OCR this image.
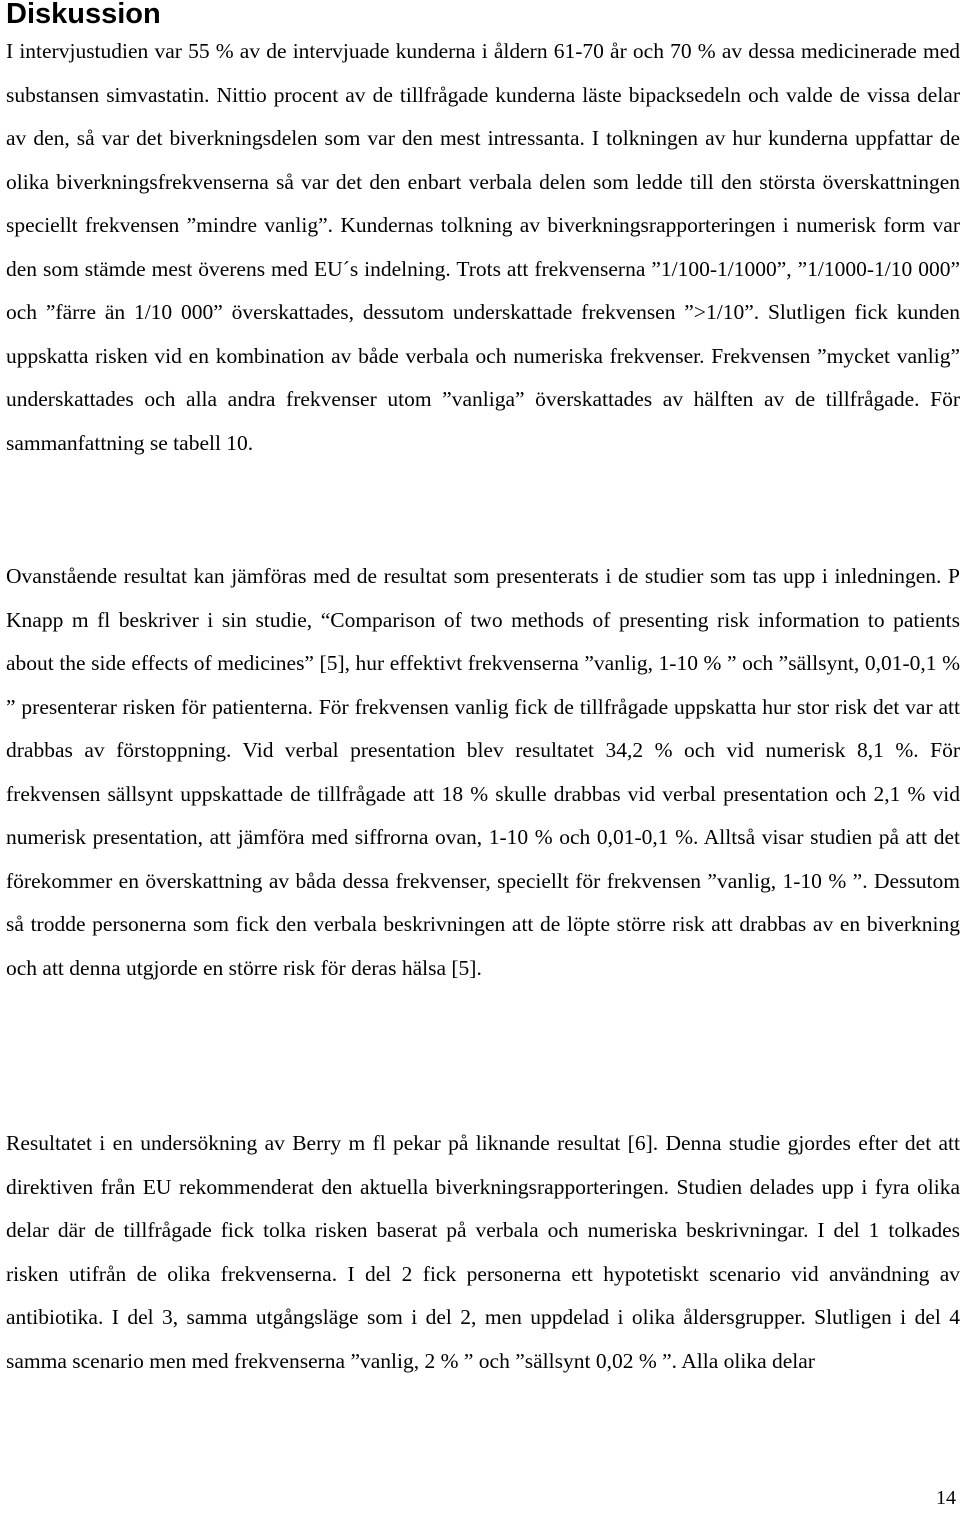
Diskussion

I intervjustudien var 55 % av de intervjuade kunderna i åldern 61-70 år och 70 % av dessa medicinerade med substansen simvastatin. Nittio procent av de tillfrågade kunderna läste bipacksedeln och valde de vissa delar av den, så var det biverkningsdelen som var den mest intressanta. I tolkningen av hur kunderna uppfattar de olika biverkningsfrekvenserna så var det den enbart verbala delen som ledde till den största överskattningen speciellt frekvensen ”mindre vanlig”. Kundernas tolkning av biverkningsrapporteringen i numerisk form var den som stämde mest överens med EU´s indelning. Trots att frekvenserna ”1/100-1/1000”, ”1/1000-1/10 000” och ”färre än 1/10 000” överskattades, dessutom underskattade frekvensen ”>1/10”. Slutligen fick kunden uppskatta risken vid en kombination av både verbala och numeriska frekvenser. Frekvensen ”mycket vanlig” underskattades och alla andra frekvenser utom ”vanliga” överskattades av hälften av de tillfrågade. För sammanfattning se tabell 10.

Ovanstående resultat kan jämföras med de resultat som presenterats i de studier som tas upp i inledningen. P Knapp m fl beskriver i sin studie, “Comparison of two methods of presenting risk information to patients about the side effects of medicines” [5], hur effektivt frekvenserna ”vanlig, 1-10 % ” och ”sällsynt, 0,01-0,1 % ” presenterar risken för patienterna. För frekvensen vanlig fick de tillfrågade uppskatta hur stor risk det var att drabbas av förstoppning. Vid verbal presentation blev resultatet 34,2 % och vid numerisk 8,1 %. För frekvensen sällsynt uppskattade de tillfrågade att 18 % skulle drabbas vid verbal presentation och 2,1 % vid numerisk presentation, att jämföra med siffrorna ovan, 1-10 % och 0,01-0,1 %. Alltså visar studien på att det förekommer en överskattning av båda dessa frekvenser, speciellt för frekvensen ”vanlig, 1-10 % ”. Dessutom så trodde personerna som fick den verbala beskrivningen att de löpte större risk att drabbas av en biverkning och att denna utgjorde en större risk för deras hälsa [5].

Resultatet i en undersökning av Berry m fl pekar på liknande resultat [6]. Denna studie gjordes efter det att direktiven från EU rekommenderat den aktuella biverkningsrapporteringen. Studien delades upp i fyra olika delar där de tillfrågade fick tolka risken baserat på verbala och numeriska beskrivningar. I del 1 tolkades risken utifrån de olika frekvenserna. I del 2 fick personerna ett hypotetiskt scenario vid användning av antibiotika. I del 3, samma utgångsläge som i del 2, men uppdelad i olika åldersgrupper. Slutligen i del 4 samma scenario men med frekvenserna ”vanlig, 2 % ” och ”sällsynt 0,02 % ”. Alla olika delar

14
